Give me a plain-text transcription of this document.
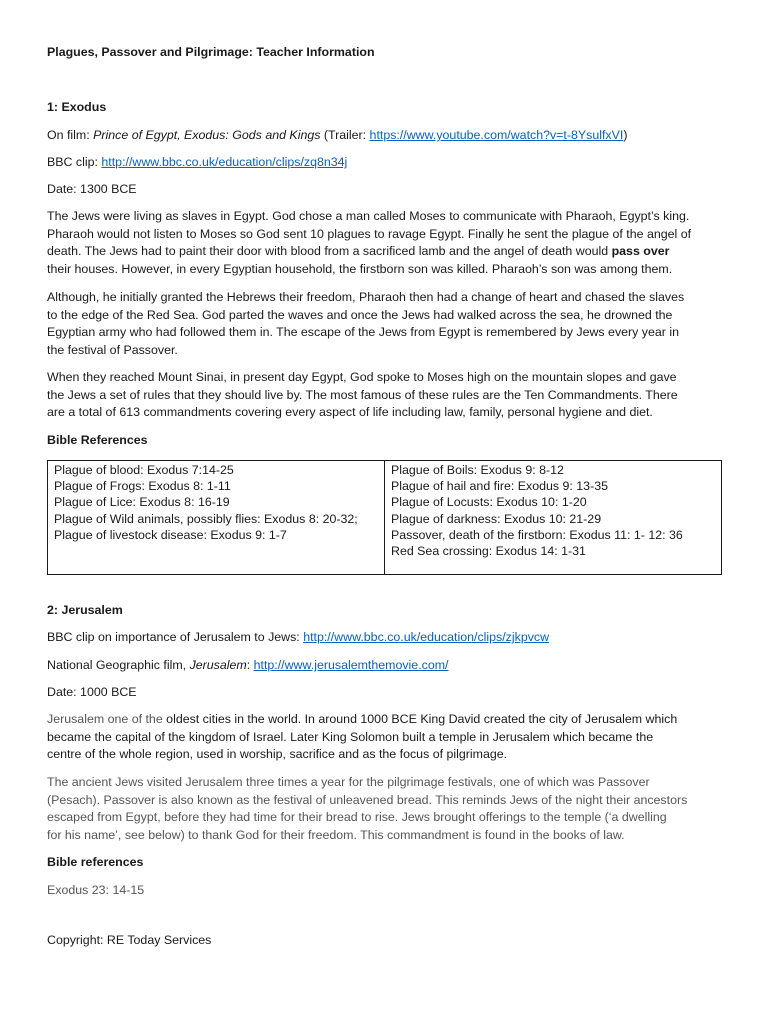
Plagues, Passover and Pilgrimage: Teacher Information
1: Exodus
On film: Prince of Egypt, Exodus: Gods and Kings (Trailer: https://www.youtube.com/watch?v=t-8YsulfxVI)
BBC clip: http://www.bbc.co.uk/education/clips/zq8n34j
Date: 1300 BCE
The Jews were living as slaves in Egypt. God chose a man called Moses to communicate with Pharaoh, Egypt’s king.
Pharaoh would not listen to Moses so God sent 10 plagues to ravage Egypt. Finally he sent the plague of the angel of
death. The Jews had to paint their door with blood from a sacrificed lamb and the angel of death would pass over
their houses. However, in every Egyptian household, the firstborn son was killed. Pharaoh’s son was among them.
Although, he initially granted the Hebrews their freedom, Pharaoh then had a change of heart and chased the slaves
to the edge of the Red Sea. God parted the waves and once the Jews had walked across the sea, he drowned the
Egyptian army who had followed them in. The escape of the Jews from Egypt is remembered by Jews every year in
the festival of Passover.
When they reached Mount Sinai, in present day Egypt, God spoke to Moses high on the mountain slopes and gave
the Jews a set of rules that they should live by. The most famous of these rules are the Ten Commandments. There
are a total of 613 commandments covering every aspect of life including law, family, personal hygiene and diet.
Bible References
Plague of blood: Exodus 7:14-25
Plague of Frogs: Exodus 8: 1-11
Plague of Lice: Exodus 8: 16-19
Plague of Wild animals, possibly flies: Exodus 8: 20-32;
Plague of livestock disease: Exodus 9: 1-7

Plague of Boils: Exodus 9: 8-12
Plague of hail and fire: Exodus 9: 13-35
Plague of Locusts: Exodus 10: 1-20
Plague of darkness: Exodus 10: 21-29
Passover, death of the firstborn: Exodus 11: 1- 12: 36
Red Sea crossing: Exodus 14: 1-31
2: Jerusalem
BBC clip on importance of Jerusalem to Jews: http://www.bbc.co.uk/education/clips/zjkpvcw
National Geographic film, Jerusalem: http://www.jerusalemthemovie.com/
Date: 1000 BCE
Jerusalem one of the oldest cities in the world. In around 1000 BCE King David created the city of Jerusalem which
became the capital of the kingdom of Israel. Later King Solomon built a temple in Jerusalem which became the
centre of the whole region, used in worship, sacrifice and as the focus of pilgrimage.
The ancient Jews visited Jerusalem three times a year for the pilgrimage festivals, one of which was Passover
(Pesach). Passover is also known as the festival of unleavened bread. This reminds Jews of the night their ancestors
escaped from Egypt, before they had time for their bread to rise. Jews brought offerings to the temple (‘a dwelling
for his name’, see below) to thank God for their freedom. This commandment is found in the books of law.
Bible references
Exodus 23: 14-15
Copyright: RE Today Services
